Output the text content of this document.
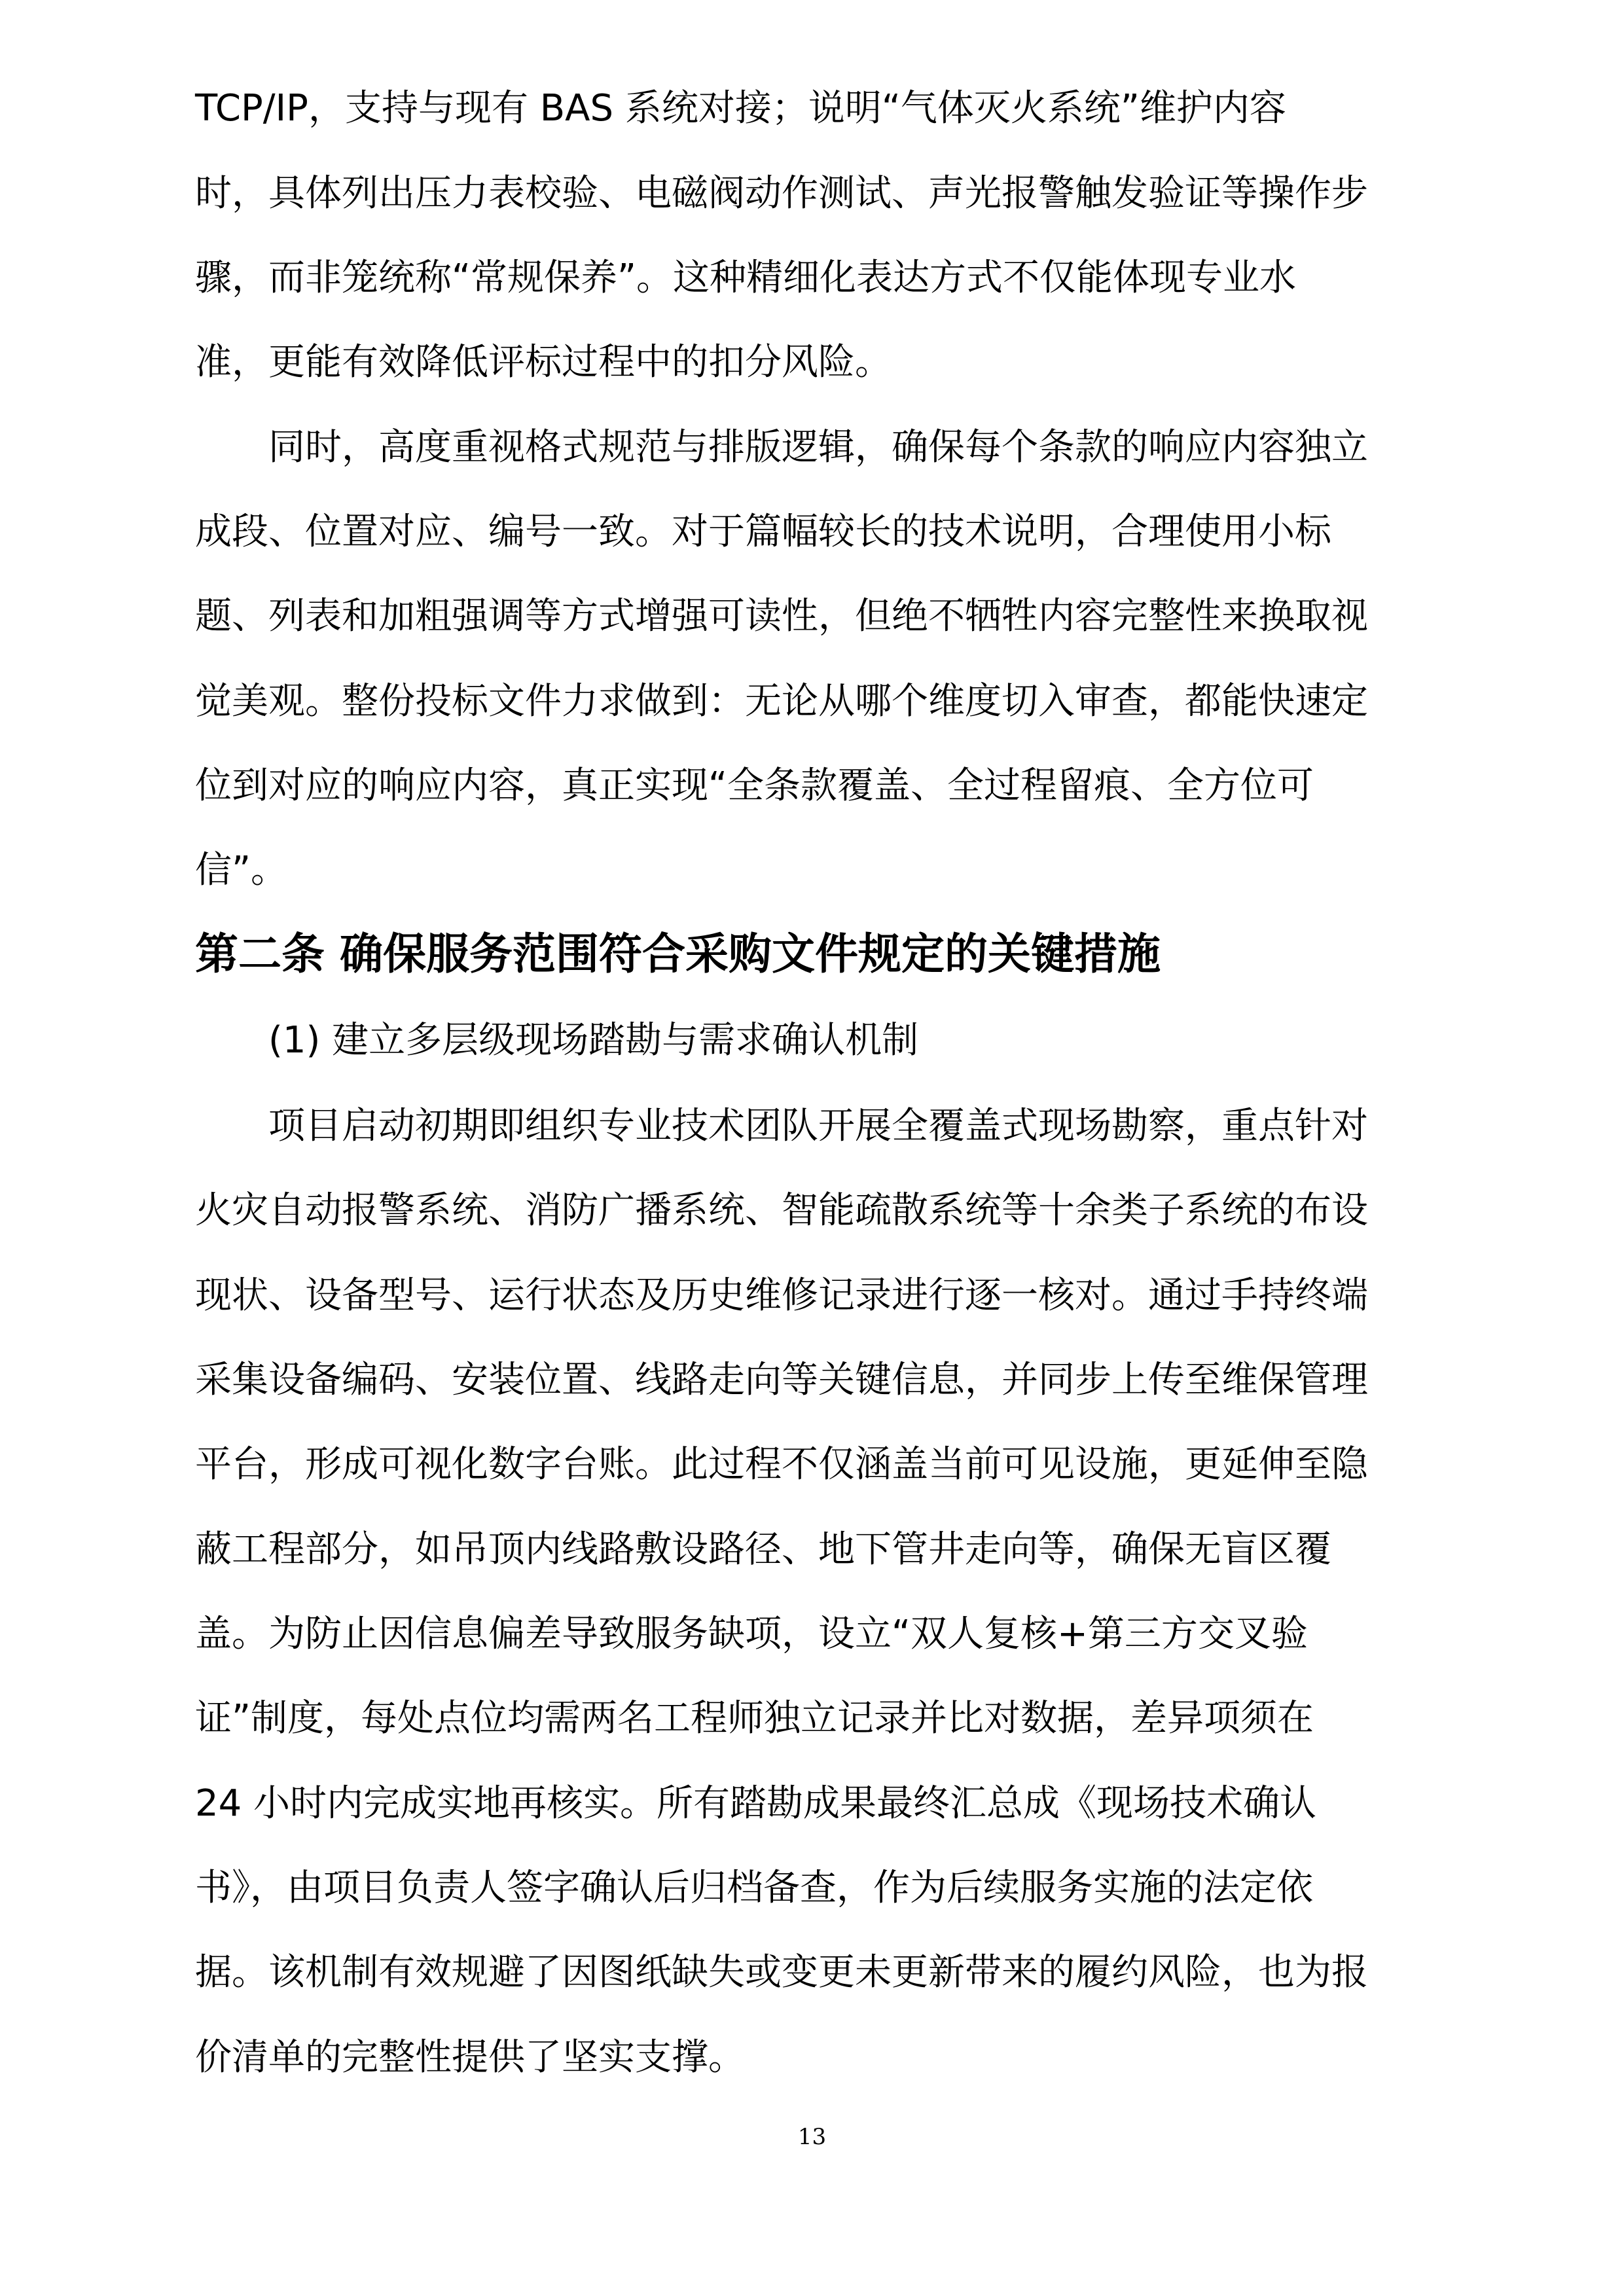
TCP/IP，支持与现有 BAS 系统对接；说明“气体灭火系统”维护内容

时，具体列出压力表校验、电磁阀动作测试、声光报警触发验证等操作步

骤，而非笼统称“常规保养”。这种精细化表达方式不仅能体现专业水

准，更能有效降低评标过程中的扣分风险。

同时，高度重视格式规范与排版逻辑，确保每个条款的响应内容独立

成段、位置对应、编号一致。对于篇幅较长的技术说明，合理使用小标

题、列表和加粗强调等方式增强可读性，但绝不牺牲内容完整性来换取视

觉美观。整份投标文件力求做到：无论从哪个维度切入审查，都能快速定

位到对应的响应内容，真正实现“全条款覆盖、全过程留痕、全方位可

信”。

第二条 确保服务范围符合采购文件规定的关键措施

(1) 建立多层级现场踏勘与需求确认机制

项目启动初期即组织专业技术团队开展全覆盖式现场勘察，重点针对

火灾自动报警系统、消防广播系统、智能疏散系统等十余类子系统的布设

现状、设备型号、运行状态及历史维修记录进行逐一核对。通过手持终端

采集设备编码、安装位置、线路走向等关键信息，并同步上传至维保管理

平台，形成可视化数字台账。此过程不仅涵盖当前可见设施，更延伸至隐

蔽工程部分，如吊顶内线路敷设路径、地下管井走向等，确保无盲区覆

盖。为防止因信息偏差导致服务缺项，设立“双人复核+第三方交叉验

证”制度，每处点位均需两名工程师独立记录并比对数据，差异项须在

24 小时内完成实地再核实。所有踏勘成果最终汇总成《现场技术确认

书》，由项目负责人签字确认后归档备查，作为后续服务实施的法定依

据。该机制有效规避了因图纸缺失或变更未更新带来的履约风险，也为报

价清单的完整性提供了坚实支撑。

13
